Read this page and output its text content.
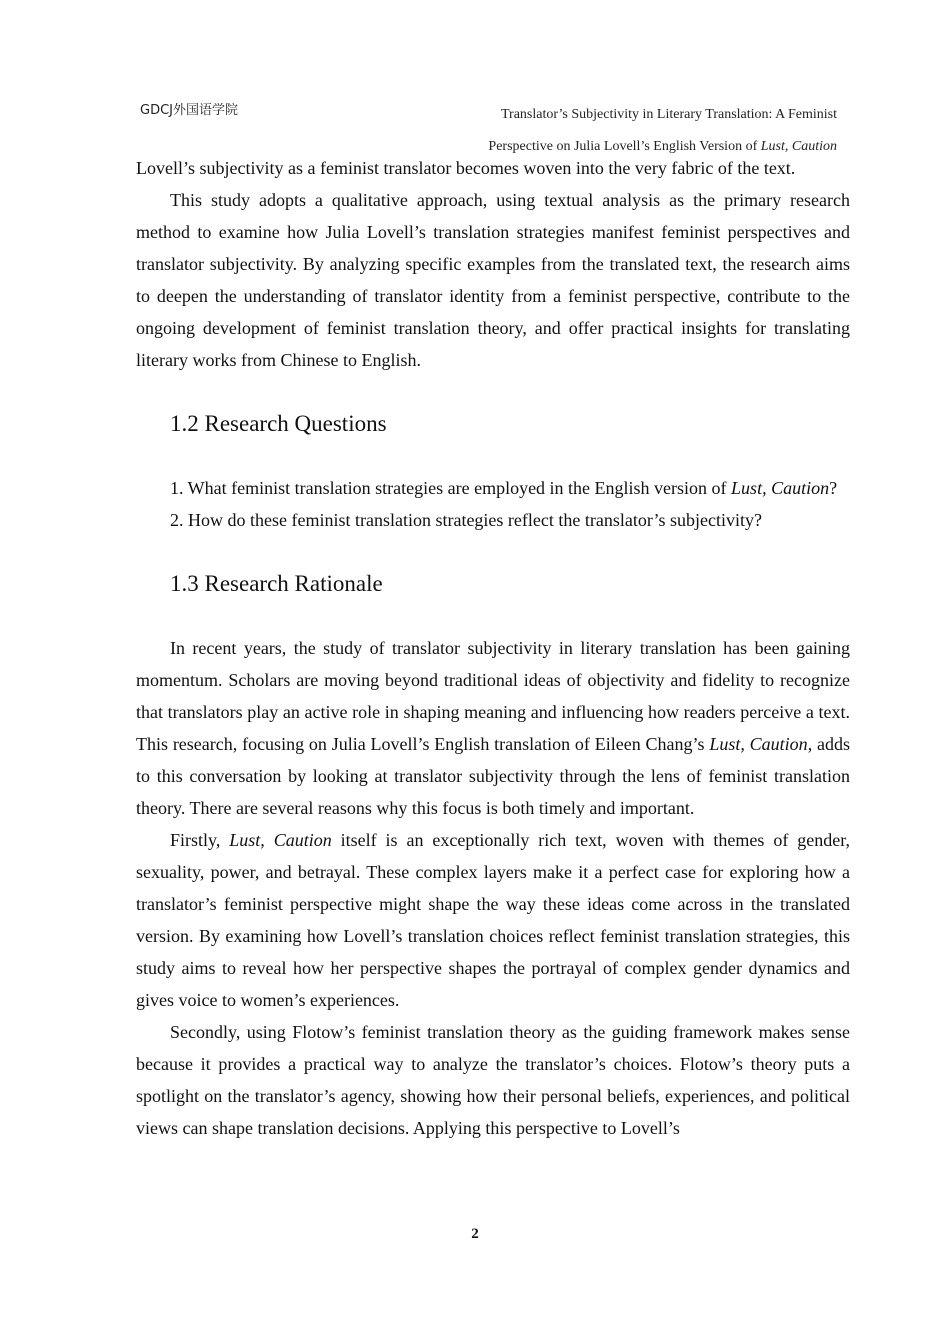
GDCJ外国语学院	Translator’s Subjectivity in Literary Translation: A Feminist
Perspective on Julia Lovell’s English Version of Lust, Caution

Lovell’s subjectivity as a feminist translator becomes woven into the very fabric of the text.

This study adopts a qualitative approach, using textual analysis as the primary research method to examine how Julia Lovell’s translation strategies manifest feminist perspectives and translator subjectivity. By analyzing specific examples from the translated text, the research aims to deepen the understanding of translator identity from a feminist perspective, contribute to the ongoing development of feminist translation theory, and offer practical insights for translating literary works from Chinese to English.

1.2 Research Questions

1. What feminist translation strategies are employed in the English version of Lust, Caution?

2. How do these feminist translation strategies reflect the translator’s subjectivity?

1.3 Research Rationale

In recent years, the study of translator subjectivity in literary translation has been gaining momentum. Scholars are moving beyond traditional ideas of objectivity and fidelity to recognize that translators play an active role in shaping meaning and influencing how readers perceive a text. This research, focusing on Julia Lovell’s English translation of Eileen Chang’s Lust, Caution, adds to this conversation by looking at translator subjectivity through the lens of feminist translation theory. There are several reasons why this focus is both timely and important.

Firstly, Lust, Caution itself is an exceptionally rich text, woven with themes of gender, sexuality, power, and betrayal. These complex layers make it a perfect case for exploring how a translator’s feminist perspective might shape the way these ideas come across in the translated version. By examining how Lovell’s translation choices reflect feminist translation strategies, this study aims to reveal how her perspective shapes the portrayal of complex gender dynamics and gives voice to women’s experiences.

Secondly, using Flotow’s feminist translation theory as the guiding framework makes sense because it provides a practical way to analyze the translator’s choices. Flotow’s theory puts a spotlight on the translator’s agency, showing how their personal beliefs, experiences, and political views can shape translation decisions. Applying this perspective to Lovell’s

2
